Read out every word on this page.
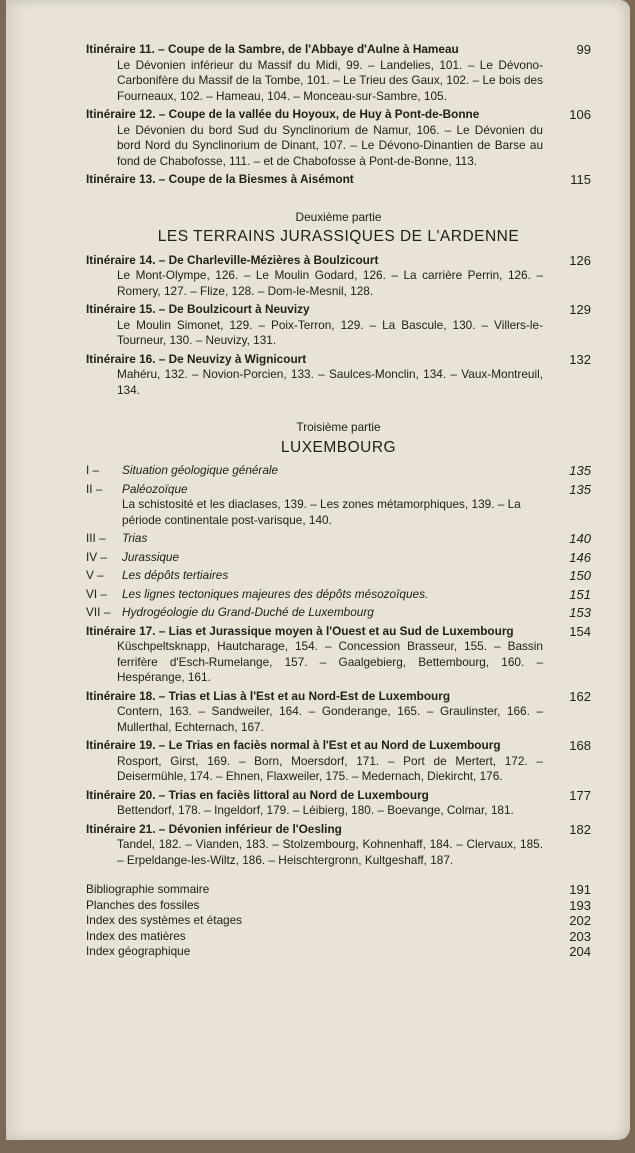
Itinéraire 11. – Coupe de la Sambre, de l'Abbaye d'Aulne à Hameau	99
Le Dévonien inférieur du Massif du Midi, 99. – Landelies, 101. – Le Dévono-Carbonifère du Massif de la Tombe, 101. – Le Trieu des Gaux, 102. – Le bois des Fourneaux, 102. – Hameau, 104. – Monceau-sur-Sambre, 105.
Itinéraire 12. – Coupe de la vallée du Hoyoux, de Huy à Pont-de-Bonne	106
Le Dévonien du bord Sud du Synclinorium de Namur, 106. – Le Dévonien du bord Nord du Synclinorium de Dinant, 107. – Le Dévono-Dinantien de Barse au fond de Chabofosse, 111. – et de Chabofosse à Pont-de-Bonne, 113.
Itinéraire 13. – Coupe de la Biesmes à Aisémont	115
Deuxième partie
LES TERRAINS JURASSIQUES DE L'ARDENNE
Itinéraire 14. – De Charleville-Mézières à Boulzicourt	126
Le Mont-Olympe, 126. – Le Moulin Godard, 126. – La carrière Perrin, 126. – Romery, 127. – Flize, 128. – Dom-le-Mesnil, 128.
Itinéraire 15. – De Boulzicourt à Neuvizy	129
Le Moulin Simonet, 129. – Poix-Terron, 129. – La Bascule, 130. – Villers-le-Tourneur, 130. – Neuvizy, 131.
Itinéraire 16. – De Neuvizy à Wignicourt	132
Mahéru, 132. – Novion-Porcien, 133. – Saulces-Monclin, 134. – Vaux-Montreuil, 134.
Troisième partie
LUXEMBOURG
I –	Situation géologique générale	135
II –	Paléozoïque	135
La schistosité et les diaclases, 139. – Les zones métamorphiques, 139. – La période continentale post-varisque, 140.
III –	Trias	140
IV –	Jurassique	146
V –	Les dépôts tertiaires	150
VI –	Les lignes tectoniques majeures des dépôts mésozoïques.	151
VII – Hydrogéologie du Grand-Duché de Luxembourg	153
Itinéraire 17. – Lias et Jurassique moyen à l'Ouest et au Sud de Luxembourg	154
Küschpeltsknapp, Hautcharage, 154. – Concession Brasseur, 155. – Bassin ferrifère d'Esch-Rumelange, 157. – Gaalgebierg, Bettembourg, 160. – Hespérange, 161.
Itinéraire 18. – Trias et Lias à l'Est et au Nord-Est de Luxembourg	162
Contern, 163. – Sandweiler, 164. – Gonderange, 165. – Graulinster, 166. – Mullerthal, Echternach, 167.
Itinéraire 19. – Le Trias en faciès normal à l'Est et au Nord de Luxembourg	168
Rosport, Girst, 169. – Born, Moersdorf, 171. – Port de Mertert, 172. – Deisermühle, 174. – Ehnen, Flaxweiler, 175. – Medernach, Diekircht, 176.
Itinéraire 20. – Trias en faciès littoral au Nord de Luxembourg	177
Bettendorf, 178. – Ingeldorf, 179. – Léibierg, 180. – Boevange, Colmar, 181.
Itinéraire 21. – Dévonien inférieur de l'Oesling	182
Tandel, 182. – Vianden, 183. – Stolzembourg, Kohnenhaff, 184. – Clervaux, 185. – Erpeldange-les-Wiltz, 186. – Heischtergronn, Kultgeshaff, 187.
Bibliographie sommaire	191
Planches des fossiles	193
Index des systèmes et étages	202
Index des matières	203
Index géographique	204
